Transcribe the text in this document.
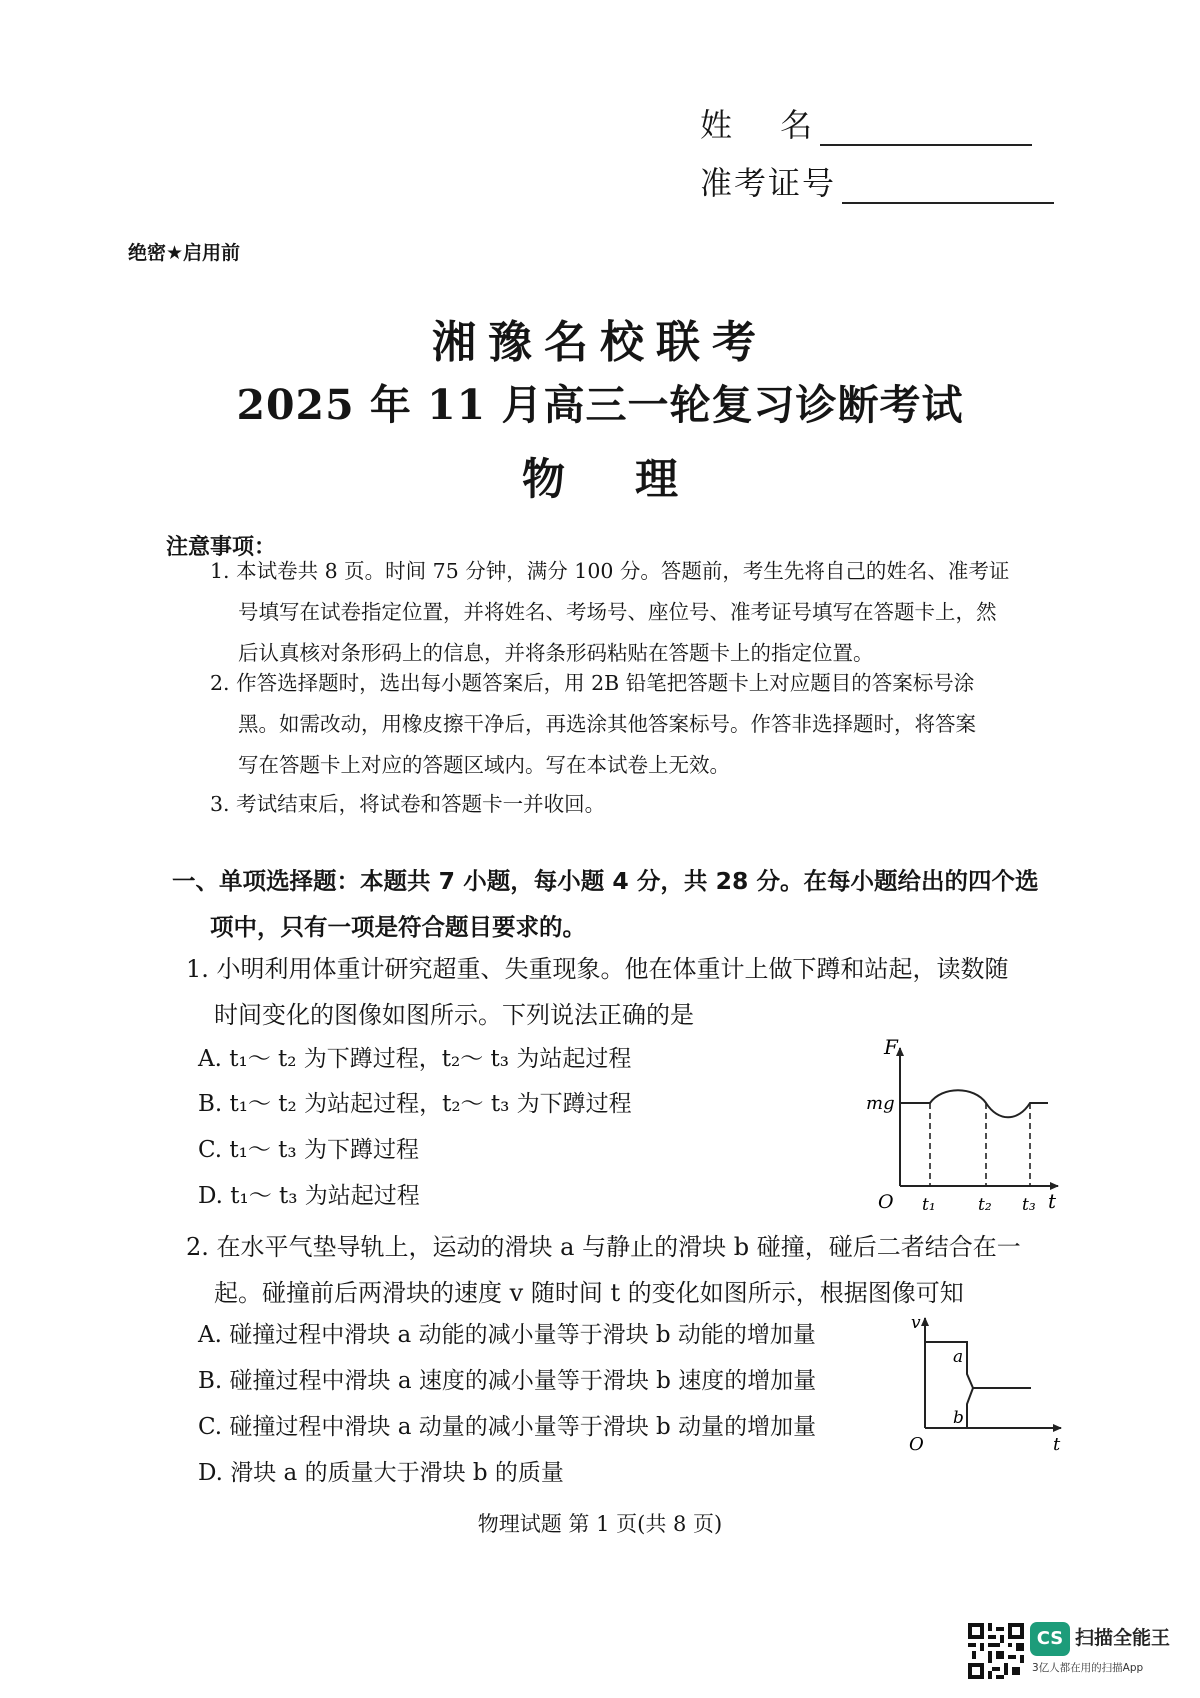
姓 名
准考证号
绝密★启用前
湘豫名校联考
2025 年 11 月高三一轮复习诊断考试
物 理
注意事项：
1. 本试卷共 8 页。时间 75 分钟，满分 100 分。答题前，考生先将自己的姓名、准考证
号填写在试卷指定位置，并将姓名、考场号、座位号、准考证号填写在答题卡上，然
后认真核对条形码上的信息，并将条形码粘贴在答题卡上的指定位置。
2. 作答选择题时，选出每小题答案后，用 2B 铅笔把答题卡上对应题目的答案标号涂
黑。如需改动，用橡皮擦干净后，再选涂其他答案标号。作答非选择题时，将答案
写在答题卡上对应的答题区域内。写在本试卷上无效。
3. 考试结束后，将试卷和答题卡一并收回。
一、单项选择题：本题共 7 小题，每小题 4 分，共 28 分。在每小题给出的四个选
项中，只有一项是符合题目要求的。
1. 小明利用体重计研究超重、失重现象。他在体重计上做下蹲和站起，读数随
时间变化的图像如图所示。下列说法正确的是
A. t₁～ t₂ 为下蹲过程，t₂～ t₃ 为站起过程
B. t₁～ t₂ 为站起过程，t₂～ t₃ 为下蹲过程
C. t₁～ t₃ 为下蹲过程
D. t₁～ t₃ 为站起过程
F
mg
O t₁ t₂ t₃ t
2. 在水平气垫导轨上，运动的滑块 a 与静止的滑块 b 碰撞，碰后二者结合在一
起。碰撞前后两滑块的速度 v 随时间 t 的变化如图所示，根据图像可知
A. 碰撞过程中滑块 a 动能的减小量等于滑块 b 动能的增加量
B. 碰撞过程中滑块 a 速度的减小量等于滑块 b 速度的增加量
C. 碰撞过程中滑块 a 动量的减小量等于滑块 b 动量的增加量
D. 滑块 a 的质量大于滑块 b 的质量
v
a
b
O	t
物理试题 第 1 页(共 8 页)
CS 扫描全能王
3亿人都在用的扫描App
